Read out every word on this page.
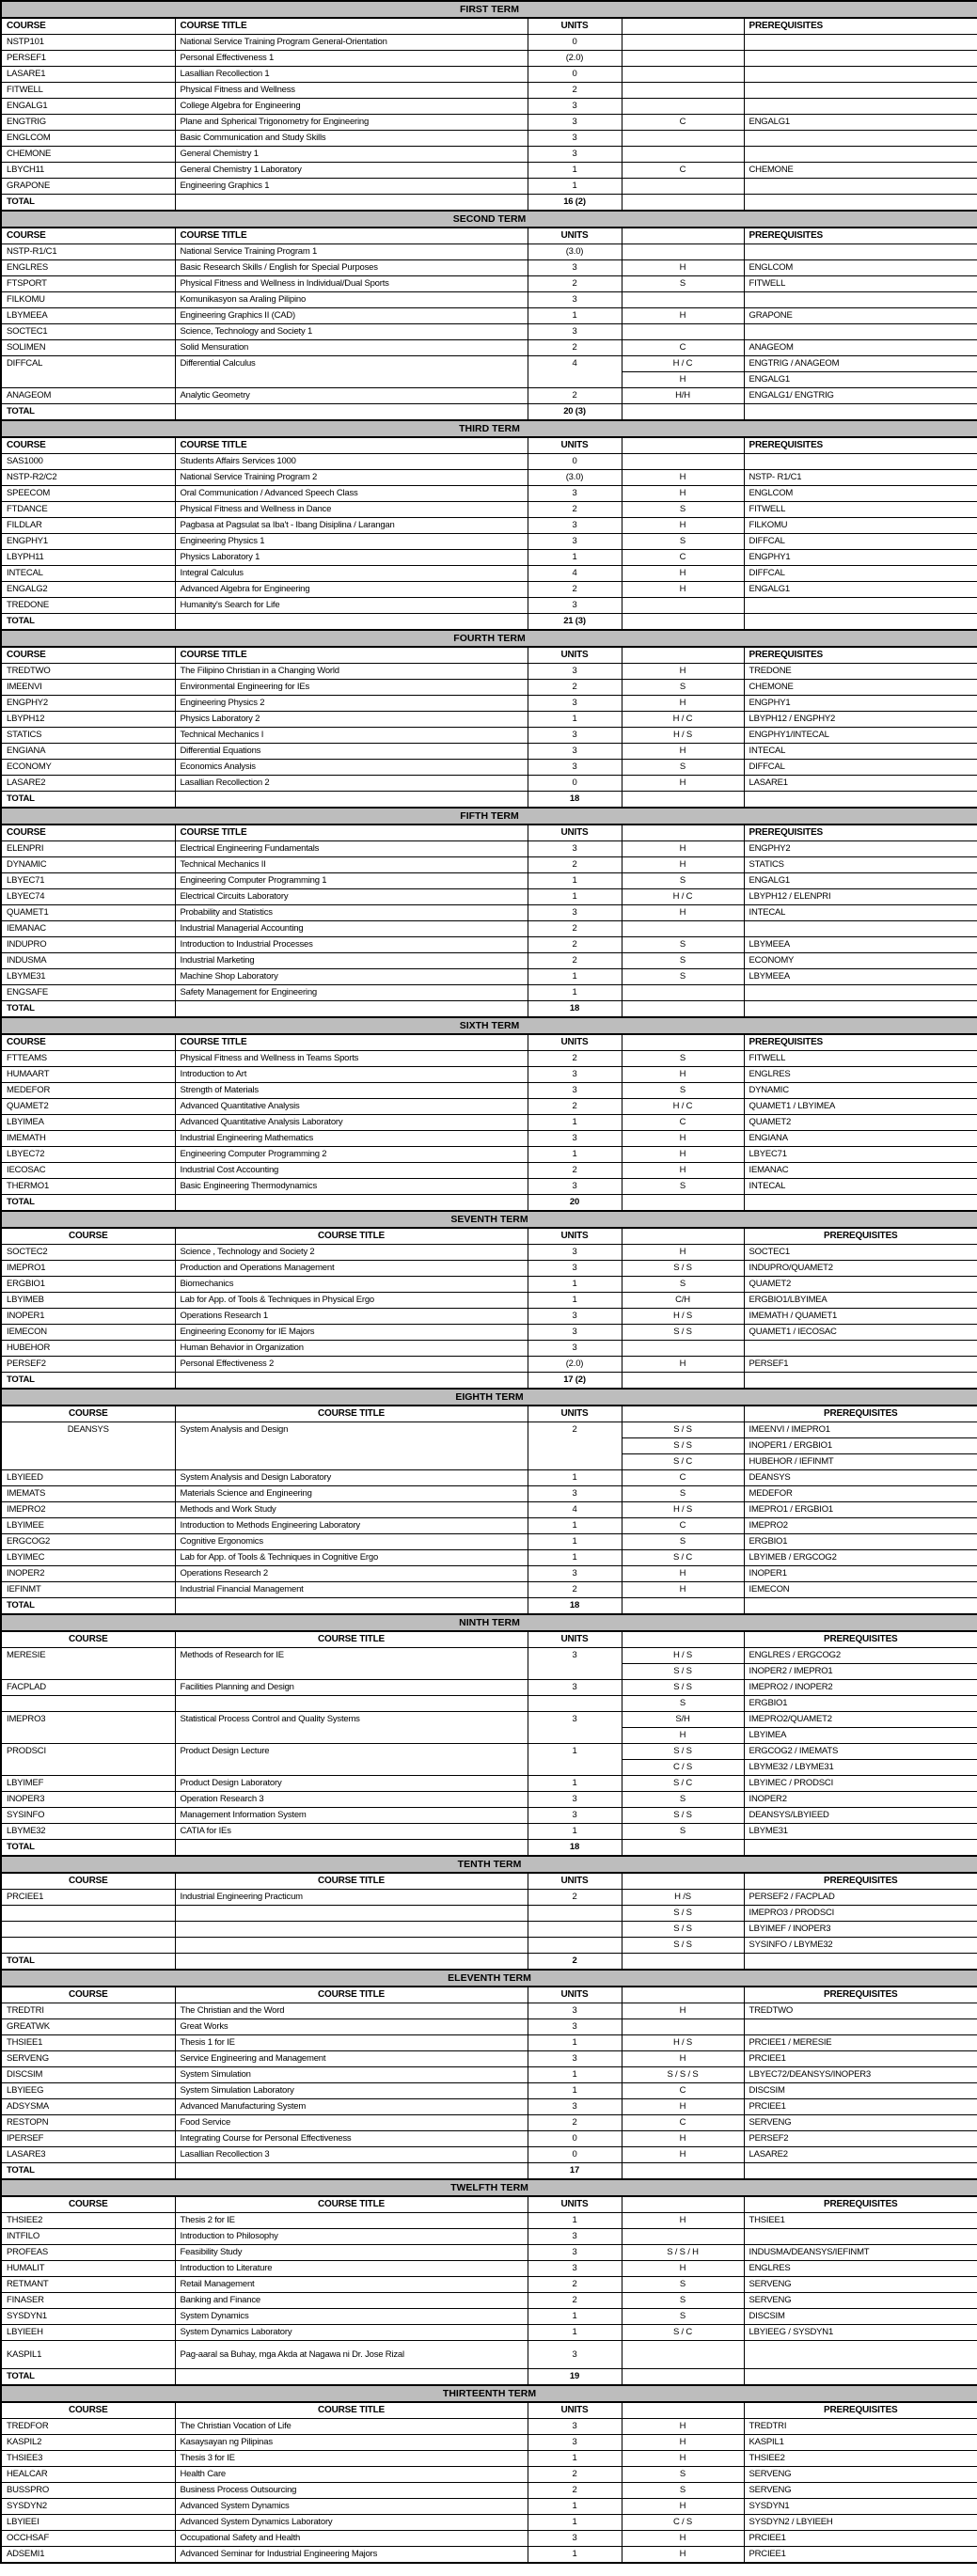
FIRST TERM				
COURSE	COURSE TITLE	UNITS		PREREQUISITES
NSTP101	National Service Training Program General-Orientation	0		
PERSEF1	Personal Effectiveness 1	(2.0)		
LASARE1	Lasallian Recollection 1	0		
FITWELL	Physical Fitness and Wellness	2		
ENGALG1	College Algebra for Engineering	3		
ENGTRIG	Plane and Spherical Trigonometry for Engineering	3	C	ENGALG1
ENGLCOM	Basic Communication and Study Skills	3		
CHEMONE	General Chemistry 1	3		
LBYCH11	General Chemistry 1 Laboratory	1	C	CHEMONE
GRAPONE	Engineering Graphics 1	1		
TOTAL		16 (2)		
SECOND TERM				
COURSE	COURSE TITLE	UNITS		PREREQUISITES
NSTP-R1/C1	National Service Training Program 1	(3.0)		
ENGLRES	Basic Research Skills / English for Special Purposes	3	H	ENGLCOM
FTSPORT	Physical Fitness and Wellness in Individual/Dual Sports	2	S	FITWELL
FILKOMU	Komunikasyon sa Araling Pilipino	3		
LBYMEEA	Engineering Graphics II (CAD)	1	H	GRAPONE
SOCTEC1	Science, Technology and Society 1	3		
SOLIMEN	Solid Mensuration	2	C	ANAGEOM
DIFFCAL	Differential Calculus	4	H / C	ENGTRIG / ANAGEOM
			H	ENGALG1
ANAGEOM	Analytic Geometry	2	H/H	ENGALG1/ ENGTRIG
TOTAL		20 (3)		
THIRD TERM				
COURSE	COURSE TITLE	UNITS		PREREQUISITES
SAS1000	Students Affairs Services 1000	0		
NSTP-R2/C2	National Service Training Program 2	(3.0)	H	NSTP- R1/C1
SPEECOM	Oral Communication / Advanced Speech Class	3	H	ENGLCOM
FTDANCE	Physical Fitness and Wellness in Dance	2	S	FITWELL
FILDLAR	Pagbasa at Pagsulat sa Iba't - Ibang Disiplina / Larangan	3	H	FILKOMU
ENGPHY1	Engineering Physics 1	3	S	DIFFCAL
LBYPH11	Physics Laboratory 1	1	C	ENGPHY1
INTECAL	Integral Calculus	4	H	DIFFCAL
ENGALG2	Advanced Algebra for Engineering	2	H	ENGALG1
TREDONE	Humanity's Search for Life	3		
TOTAL		21 (3)		
FOURTH TERM				
COURSE	COURSE TITLE	UNITS		PREREQUISITES
TREDTWO	The Filipino Christian in a Changing World	3	H	TREDONE
IMEENVI	Environmental Engineering for IEs	2	S	CHEMONE
ENGPHY2	Engineering Physics 2	3	H	ENGPHY1
LBYPH12	Physics Laboratory 2	1	H / C	LBYPH12 / ENGPHY2
STATICS	Technical Mechanics I	3	H / S	ENGPHY1/INTECAL
ENGIANA	Differential Equations	3	H	INTECAL
ECONOMY	Economics Analysis	3	S	DIFFCAL
LASARE2	Lasallian Recollection 2	0	H	LASARE1
TOTAL		18		
FIFTH TERM				
COURSE	COURSE TITLE	UNITS		PREREQUISITES
ELENPRI	Electrical Engineering Fundamentals	3	H	ENGPHY2
DYNAMIC	Technical Mechanics II	2	H	STATICS
LBYEC71	Engineering Computer Programming 1	1	S	ENGALG1
LBYEC74	Electrical Circuits Laboratory	1	H / C	LBYPH12 / ELENPRI
QUAMET1	Probability and Statistics	3	H	INTECAL
IEMANAC	Industrial Managerial Accounting	2		
INDUPRO	Introduction to Industrial Processes	2	S	LBYMEEA
INDUSMA	Industrial Marketing	2	S	ECONOMY
LBYME31	Machine Shop Laboratory	1	S	LBYMEEA
ENGSAFE	Safety Management for Engineering	1		
TOTAL		18		
SIXTH TERM				
COURSE	COURSE TITLE	UNITS		PREREQUISITES
FTTEAMS	Physical Fitness and Wellness in Teams Sports	2	S	FITWELL
HUMAART	Introduction to Art	3	H	ENGLRES
MEDEFOR	Strength of Materials	3	S	DYNAMIC
QUAMET2	Advanced Quantitative Analysis	2	H / C	QUAMET1 / LBYIMEA
LBYIMEA	Advanced Quantitative Analysis Laboratory	1	C	QUAMET2
IMEMATH	Industrial Engineering Mathematics	3	H	ENGIANA
LBYEC72	Engineering Computer Programming 2	1	H	LBYEC71
IECOSAC	Industrial Cost Accounting	2	H	IEMANAC
THERMO1	Basic Engineering Thermodynamics	3	S	INTECAL
TOTAL		20		
SEVENTH TERM				
COURSE	COURSE TITLE	UNITS		PREREQUISITES
SOCTEC2	Science , Technology and Society 2	3	H	SOCTEC1
IMEPRO1	Production and Operations Management	3	S / S	INDUPRO/QUAMET2
ERGBIO1	Biomechanics	1	S	QUAMET2
LBYIMEB	Lab for App. of Tools & Techniques in Physical Ergo	1	C/H	ERGBIO1/LBYIMEA
INOPER1	Operations Research 1	3	H / S	IMEMATH / QUAMET1
IEMECON	Engineering Economy for IE Majors	3	S / S	QUAMET1 / IECOSAC
HUBEHOR	Human Behavior in Organization	3		
PERSEF2	Personal Effectiveness 2	(2.0)	H	PERSEF1
TOTAL		17 (2)		
EIGHTH TERM				
COURSE	COURSE TITLE	UNITS		PREREQUISITES
DEANSYS	System Analysis and Design	2	S / S	IMEENVI / IMEPRO1
			S / S	INOPER1 / ERGBIO1
			S / C	HUBEHOR / IEFINMT
LBYIEED	System Analysis and Design Laboratory	1	C	DEANSYS
IMEMATS	Materials Science and Engineering	3	S	MEDEFOR
IMEPRO2	Methods and Work Study	4	H / S	IMEPRO1 / ERGBIO1
LBYIMEE	Introduction to Methods Engineering Laboratory	1	C	IMEPRO2
ERGCOG2	Cognitive Ergonomics	1	S	ERGBIO1
LBYIMEC	Lab for App. of Tools & Techniques in Cognitive Ergo	1	S / C	LBYIMEB / ERGCOG2
INOPER2	Operations Research 2	3	H	INOPER1
IEFINMT	Industrial Financial Management	2	H	IEMECON
TOTAL		18		
NINTH TERM				
COURSE	COURSE TITLE	UNITS		PREREQUISITES
MERESIE	Methods of Research for IE	3	H / S	ENGLRES / ERGCOG2
			S / S	INOPER2 / IMEPRO1
FACPLAD	Facilities Planning and Design	3	S / S	IMEPRO2 / INOPER2
			S	ERGBIO1
IMEPRO3	Statistical Process Control and Quality Systems	3	S/H	IMEPRO2/QUAMET2
			H	LBYIMEA
PRODSCI	Product Design Lecture	1	S / S	ERGCOG2 / IMEMATS
			C / S	LBYME32 / LBYME31
LBYIMEF	Product Design Laboratory	1	S / C	LBYIMEC / PRODSCI
INOPER3	Operation Research 3	3	S	INOPER2
SYSINFO	Management Information System	3	S / S	DEANSYS/LBYIEED
LBYME32	CATIA for IEs	1	S	LBYME31
TOTAL		18		
TENTH TERM				
COURSE	COURSE TITLE	UNITS		PREREQUISITES
PRCIEE1	Industrial Engineering Practicum	2	H /S	PERSEF2 / FACPLAD
			S / S	IMEPRO3 / PRODSCI
			S / S	LBYIMEF / INOPER3
			S / S	SYSINFO / LBYME32
TOTAL		2		
ELEVENTH TERM				
COURSE	COURSE TITLE	UNITS		PREREQUISITES
TREDTRI	The Christian and the Word	3	H	TREDTWO
GREATWK	Great Works	3		
THSIEE1	Thesis 1 for IE	1	H / S	PRCIEE1 / MERESIE
SERVENG	Service Engineering and Management	3	H	PRCIEE1
DISCSIM	System Simulation	1	S / S / S	LBYEC72/DEANSYS/INOPER3
LBYIEEG	System Simulation Laboratory	1	C	DISCSIM
ADSYSMA	Advanced Manufacturing System	3	H	PRCIEE1
RESTOPN	Food Service	2	C	SERVENG
IPERSEF	Integrating Course for Personal Effectiveness	0	H	PERSEF2
LASARE3	Lasallian Recollection 3	0	H	LASARE2
TOTAL		17		
TWELFTH TERM				
COURSE	COURSE TITLE	UNITS		PREREQUISITES
THSIEE2	Thesis 2 for IE	1	H	THSIEE1
INTFILO	Introduction to Philosophy	3		
PROFEAS	Feasibility Study	3	S / S / H	INDUSMA/DEANSYS/IEFINMT
HUMALIT	Introduction to Literature	3	H	ENGLRES
RETMANT	Retail Management	2	S	SERVENG
FINASER	Banking and Finance	2	S	SERVENG
SYSDYN1	System Dynamics	1	S	DISCSIM
LBYIEEH	System Dynamics Laboratory	1	S / C	LBYIEEG / SYSDYN1
KASPIL1	Pag-aaral sa Buhay, mga Akda at Nagawa ni Dr. Jose Rizal	3		
TOTAL		19		
THIRTEENTH TERM				
COURSE	COURSE TITLE	UNITS		PREREQUISITES
TREDFOR	The Christian Vocation of Life	3	H	TREDTRI
KASPIL2	Kasaysayan ng Pilipinas	3	H	KASPIL1
THSIEE3	Thesis 3 for IE	1	H	THSIEE2
HEALCAR	Health Care	2	S	SERVENG
BUSSPRO	Business Process Outsourcing	2	S	SERVENG
SYSDYN2	Advanced System Dynamics	1	H	SYSDYN1
LBYIEEI	Advanced System Dynamics Laboratory	1	C / S	SYSDYN2 / LBYIEEH
OCCHSAF	Occupational Safety and Health	3	H	PRCIEE1
ADSEMI1	Advanced Seminar for Industrial Engineering Majors	1	H	PRCIEE1
